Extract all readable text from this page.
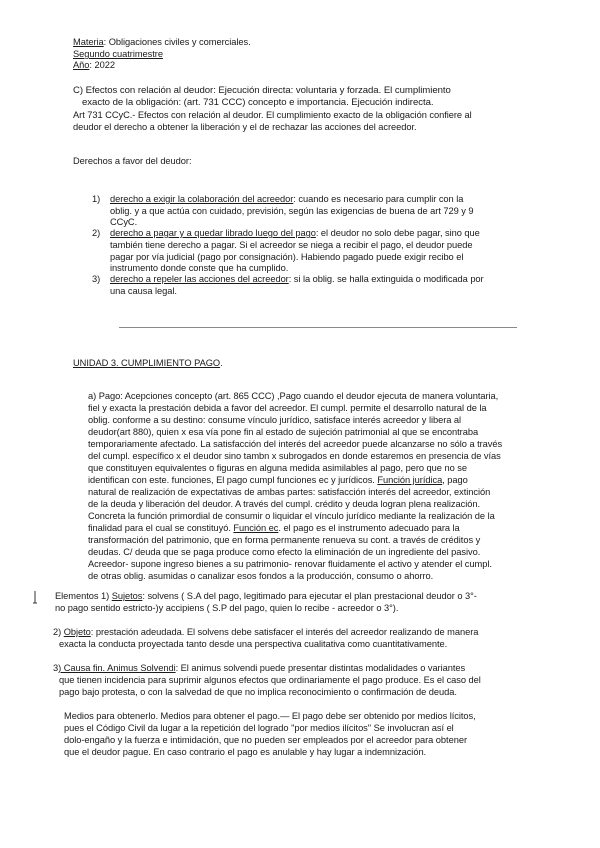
Materia: Obligaciones civiles y comerciales.
Segundo cuatrimestre
Año: 2022
C) Efectos con relación al deudor: Ejecución directa: voluntaria y forzada. El cumplimiento
exacto de la obligación: (art. 731 CCC) concepto e importancia. Ejecución indirecta.
Art 731 CCyC.- Efectos con relación al deudor. El cumplimiento exacto de la obligación confiere al
deudor el derecho a obtener la liberación y el de rechazar las acciones del acreedor.
Derechos a favor del deudor:
1) derecho a exigir la colaboración del acreedor: cuando es necesario para cumplir con la
oblig. y a que actúa con cuidado, previsión, según las exigencias de buena de art 729 y 9
CCyC.
2) derecho a pagar y a quedar librado luego del pago: el deudor no solo debe pagar, sino que
también tiene derecho a pagar. Si el acreedor se niega a recibir el pago, el deudor puede
pagar por vía judicial (pago por consignación). Habiendo pagado puede exigir recibo el
instrumento donde conste que ha cumplido.
3) derecho a repeler las acciones del acreedor: si la oblig. se halla extinguida o modificada por
una causa legal.
UNIDAD 3. CUMPLIMIENTO PAGO.
a) Pago: Acepciones concepto (art. 865 CCC) ,Pago cuando el deudor ejecuta de manera voluntaria,
fiel y exacta la prestación debida a favor del acreedor. El cumpl. permite el desarrollo natural de la
oblig. conforme a su destino: consume vínculo jurídico, satisface interés acreedor y libera al
deudor(art 880), quien x esa vía pone fin al estado de sujeción patrimonial al que se encontraba
temporariamente afectado. La satisfacción del interés del acreedor puede alcanzarse no sólo a través
del cumpl. específico x el deudor sino tambn x subrogados en donde estaremos en presencia de vías
que constituyen equivalentes o figuras en alguna medida asimilables al pago, pero que no se
identifican con este. funciones, El pago cumpl funciones ec y jurídicos. Función jurídica, pago
natural de realización de expectativas de ambas partes: satisfacción interés del acreedor, extinción
de la deuda y liberación del deudor. A través del cumpl. crédito y deuda logran plena realización.
Concreta la función primordial de consumir o liquidar el vínculo jurídico mediante la realización de la
finalidad para el cual se constituyó. Función ec. el pago es el instrumento adecuado para la
transformación del patrimonio, que en forma permanente renueva su cont. a través de créditos y
deudas. C/ deuda que se paga produce como efecto la eliminación de un ingrediente del pasivo.
Acreedor- supone ingreso bienes a su patrimonio- renovar fluidamente el activo y atender el cumpl.
de otras oblig. asumidas o canalizar esos fondos a la producción, consumo o ahorro.
Elementos 1) Sujetos: solvens ( S.A del pago, legitimado para ejecutar el plan prestacional deudor o 3°-
no pago sentido estricto-)y accipiens ( S.P del pago, quien lo recibe - acreedor o 3°).
2) Objeto: prestación adeudada. El solvens debe satisfacer el interés del acreedor realizando de manera
exacta la conducta proyectada tanto desde una perspectiva cualitativa como cuantitativamente.
3) Causa fin. Animus Solvendi: El animus solvendi puede presentar distintas modalidades o variantes
que tienen incidencia para suprimir algunos efectos que ordinariamente el pago produce. Es el caso del
pago bajo protesta, o con la salvedad de que no implica reconocimiento o confirmación de deuda.
Medios para obtenerlo. Medios para obtener el pago.— El pago debe ser obtenido por medios lícitos,
pues el Código Civil da lugar a la repetición del logrado "por medios ilícitos" Se involucran así el
dolo-engaño y la fuerza e intimidación, que no pueden ser empleados por el acreedor para obtener
que el deudor pague. En caso contrario el pago es anulable y hay lugar a indemnización.
